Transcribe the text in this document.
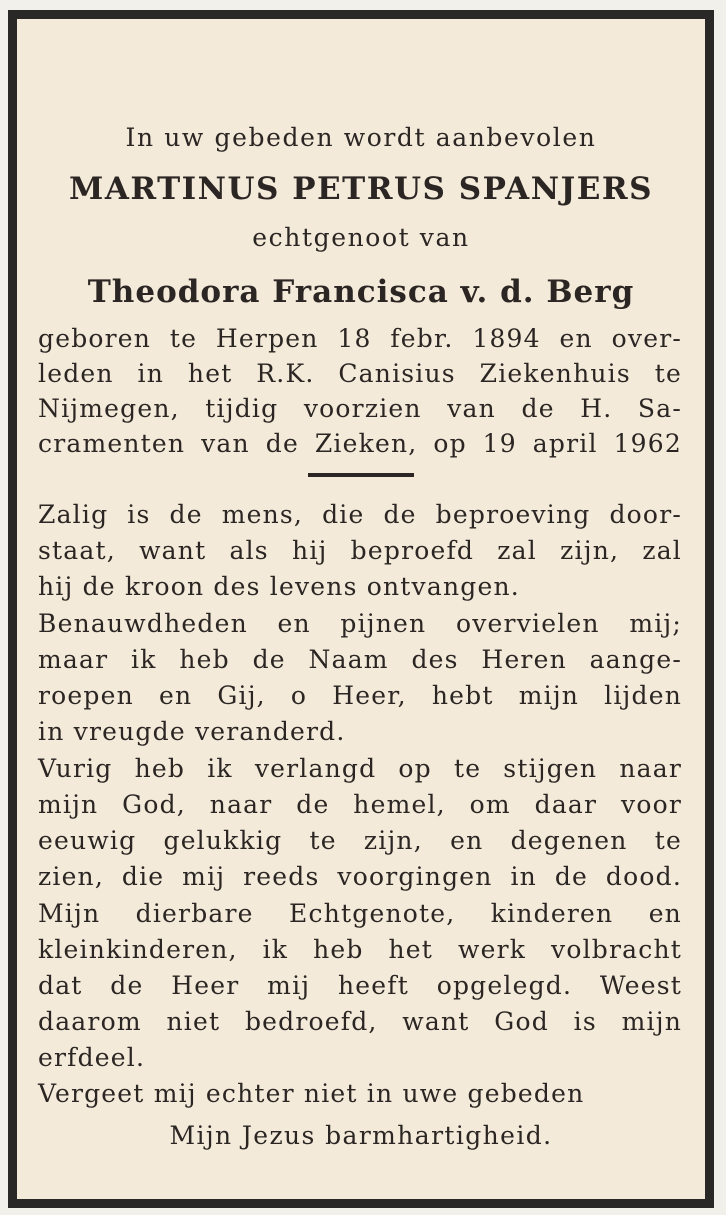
In uw gebeden wordt aanbevolen
MARTINUS PETRUS SPANJERS
echtgenoot van
Theodora Francisca v. d. Berg
geboren te Herpen 18 febr. 1894 en over-
leden in het R.K. Canisius Ziekenhuis te
Nijmegen, tijdig voorzien van de H. Sa-
cramenten van de Zieken, op 19 april 1962
Zalig is de mens, die de beproeving door-
staat, want als hij beproefd zal zijn, zal
hij de kroon des levens ontvangen.
Benauwdheden en pijnen overvielen mij;
maar ik heb de Naam des Heren aange-
roepen en Gij, o Heer, hebt mijn lijden
in vreugde veranderd.
Vurig heb ik verlangd op te stijgen naar
mijn God, naar de hemel, om daar voor
eeuwig gelukkig te zijn, en degenen te
zien, die mij reeds voorgingen in de dood.
Mijn dierbare Echtgenote, kinderen en
kleinkinderen, ik heb het werk volbracht
dat de Heer mij heeft opgelegd. Weest
daarom niet bedroefd, want God is mijn
erfdeel.
Vergeet mij echter niet in uwe gebeden
Mijn Jezus barmhartigheid.
